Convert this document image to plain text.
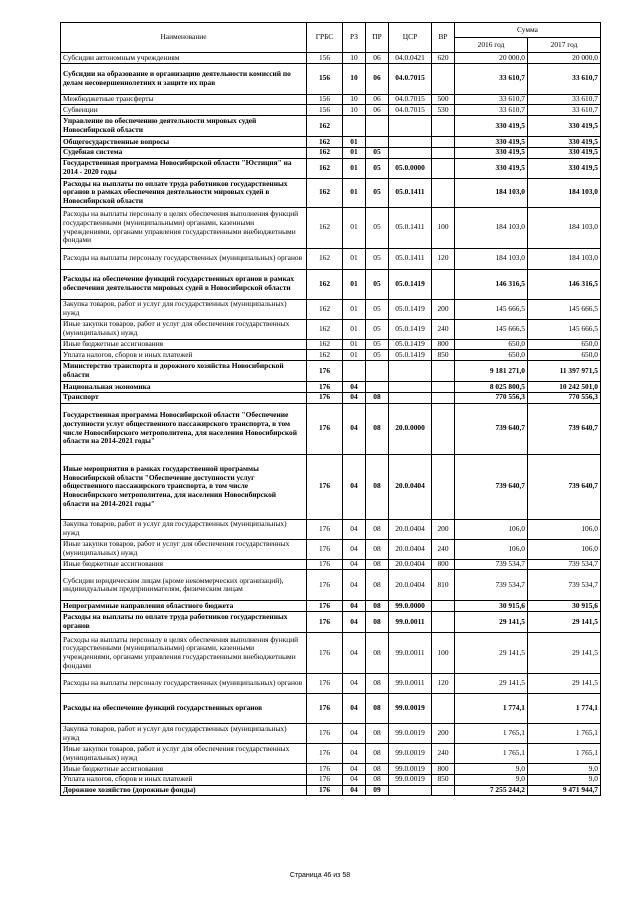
Наименование	ГРБС	РЗ	ПР	ЦСР	ВР	Сумма	
						2016 год	2017 год
Субсидии автономным учреждениям	156	10	06	04.0.0421	620	20 000,0	20 000,0
Субсидии на образование и организацию деятельности комиссий по делам несовершеннолетних и защите их прав	156	10	06	04.0.7015		33 610,7	33 610,7
Межбюджетные трансферты	156	10	06	04.0.7015	500	33 610,7	33 610,7
Субвенции	156	10	06	04.0.7015	530	33 610,7	33 610,7
Управление по обеспечению деятельности мировых судей Новосибирской области	162					330 419,5	330 419,5
Общегосударственные вопросы	162	01				330 419,5	330 419,5
Судебная система	162	01	05			330 419,5	330 419,5
Государственная программа Новосибирской области "Юстиция" на 2014 - 2020 годы	162	01	05	05.0.0000		330 419,5	330 419,5
Расходы на выплаты по оплате труда работников государственных органов в рамках обеспечения деятельности мировых судей в Новосибирской области	162	01	05	05.0.1411		184 103,0	184 103,0
Расходы на выплаты персоналу в целях обеспечения выполнения функций государственными (муниципальными) органами, казенными учреждениями, органами управления государственными внебюджетными фондами	162	01	05	05.0.1411	100	184 103,0	184 103,0
Расходы на выплаты персоналу государственных (муниципальных) органов	162	01	05	05.0.1411	120	184 103,0	184 103,0
Расходы на обеспечение функций государственных органов в рамках обеспечения деятельности мировых судей в Новосибирской области	162	01	05	05.0.1419		146 316,5	146 316,5
Закупка товаров, работ и услуг для государственных (муниципальных) нужд	162	01	05	05.0.1419	200	145 666,5	145 666,5
Иные закупки товаров, работ и услуг для обеспечения государственных (муниципальных) нужд	162	01	05	05.0.1419	240	145 666,5	145 666,5
Иные бюджетные ассигнования	162	01	05	05.0.1419	800	650,0	650,0
Уплата налогов, сборов и иных платежей	162	01	05	05.0.1419	850	650,0	650,0
Министерство транспорта и дорожного хозяйства Новосибирской области	176					9 181 271,0	11 397 971,5
Национальная экономика	176	04				8 025 800,5	10 242 501,0
Транспорт	176	04	08			770 556,3	770 556,3
Государственная программа Новосибирской области "Обеспечение доступности услуг общественного пассажирского транспорта, в том числе Новосибирского метрополитена, для населения Новосибирской области на 2014-2021 годы"	176	04	08	20.0.0000		739 640,7	739 640,7
Иные мероприятия в рамках государственной программы Новосибирской области "Обеспечение доступности услуг общественного пассажирского транспорта, в том числе Новосибирского метрополитена, для населения Новосибирской области на 2014-2021 годы"	176	04	08	20.0.0404		739 640,7	739 640,7
Закупка товаров, работ и услуг для государственных (муниципальных) нужд	176	04	08	20.0.0404	200	106,0	106,0
Иные закупки товаров, работ и услуг для обеспечения государственных (муниципальных) нужд	176	04	08	20.0.0404	240	106,0	106,0
Иные бюджетные ассигнования	176	04	08	20.0.0404	800	739 534,7	739 534,7
Субсидии юридическим лицам (кроме некоммерческих организаций), индивидуальным предпринимателям, физическим лицам	176	04	08	20.0.0404	810	739 534,7	739 534,7
Непрограммные направления областного бюджета	176	04	08	99.0.0000		30 915,6	30 915,6
Расходы на выплаты по оплате труда работников государственных органов	176	04	08	99.0.0011		29 141,5	29 141,5
Расходы на выплаты персоналу в целях обеспечения выполнения функций государственными (муниципальными) органами, казенными учреждениями, органами управления государственными внебюджетными фондами	176	04	08	99.0.0011	100	29 141,5	29 141,5
Расходы на выплаты персоналу государственных (муниципальных) органов	176	04	08	99.0.0011	120	29 141,5	29 141,5
Расходы на обеспечение функций государственных органов	176	04	08	99.0.0019		1 774,1	1 774,1
Закупка товаров, работ и услуг для государственных (муниципальных) нужд	176	04	08	99.0.0019	200	1 765,1	1 765,1
Иные закупки товаров, работ и услуг для обеспечения государственных (муниципальных) нужд	176	04	08	99.0.0019	240	1 765,1	1 765,1
Иные бюджетные ассигнования	176	04	08	99.0.0019	800	9,0	9,0
Уплата налогов, сборов и иных платежей	176	04	08	99.0.0019	850	9,0	9,0
Дорожное хозяйство (дорожные фонды)	176	04	09			7 255 244,2	9 471 944,7
Страница 46 из 58
